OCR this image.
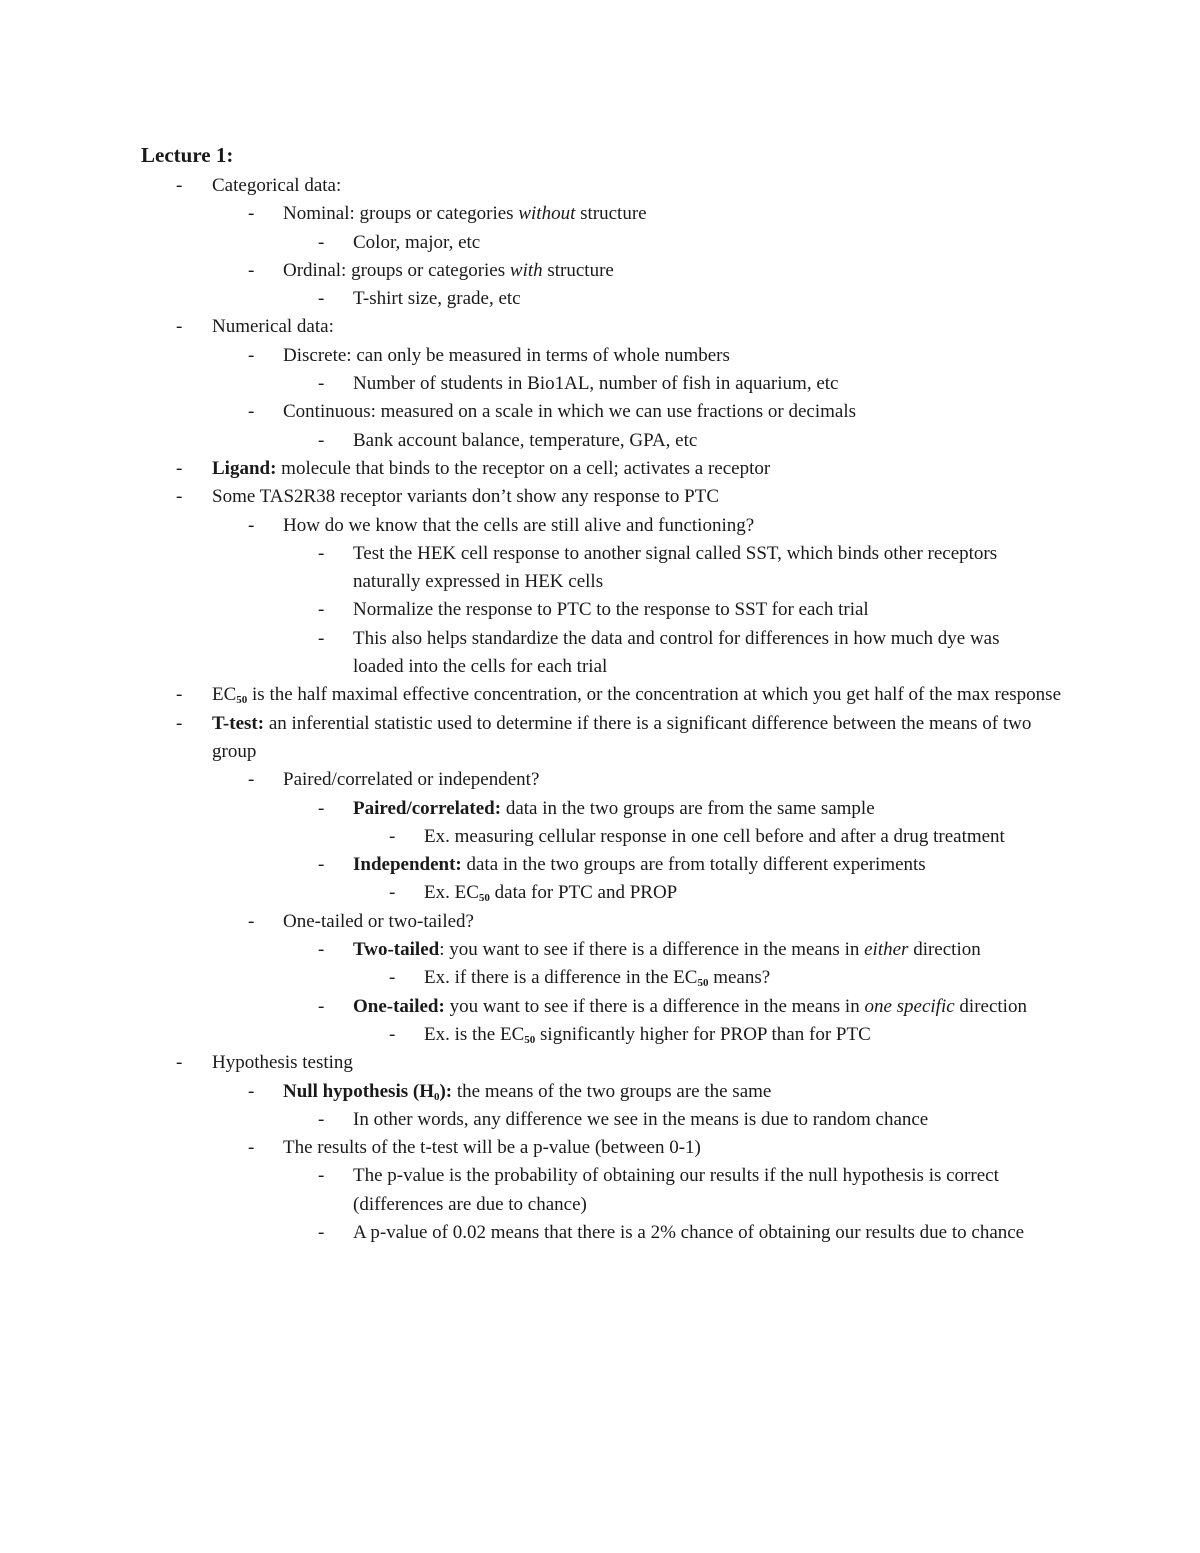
Lecture 1:
- Categorical data:
- Nominal: groups or categories without structure
- Color, major, etc
- Ordinal: groups or categories with structure
- T-shirt size, grade, etc
- Numerical data:
- Discrete: can only be measured in terms of whole numbers
- Number of students in Bio1AL, number of fish in aquarium, etc
- Continuous: measured on a scale in which we can use fractions or decimals
- Bank account balance, temperature, GPA, etc
- Ligand: molecule that binds to the receptor on a cell; activates a receptor
- Some TAS2R38 receptor variants don’t show any response to PTC
- How do we know that the cells are still alive and functioning?
- Test the HEK cell response to another signal called SST, which binds other receptors naturally expressed in HEK cells
- Normalize the response to PTC to the response to SST for each trial
- This also helps standardize the data and control for differences in how much dye was loaded into the cells for each trial
- $EC_{50}$ is the half maximal effective concentration, or the concentration at which you get half of the max response
- T-test: an inferential statistic used to determine if there is a significant difference between the means of two group
- Paired/correlated or independent?
- Paired/correlated: data in the two groups are from the same sample
- Ex. measuring cellular response in one cell before and after a drug treatment
- Independent: data in the two groups are from totally different experiments
- Ex. $EC_{50}$ data for PTC and PROP
- One-tailed or two-tailed?
- Two-tailed: you want to see if there is a difference in the means in either direction
- Ex. if there is a difference in the $EC_{50}$ means?
- One-tailed: you want to see if there is a difference in the means in one specific direction
- Ex. is the $EC_{50}$ significantly higher for PROP than for PTC
- Hypothesis testing
- Null hypothesis $(H_0)$: the means of the two groups are the same
- In other words, any difference we see in the means is due to random chance
- The results of the t-test will be a p-value (between 0-1)
- The p-value is the probability of obtaining our results if the null hypothesis is correct (differences are due to chance)
- A p-value of 0.02 means that there is a 2% chance of obtaining our results due to chance
